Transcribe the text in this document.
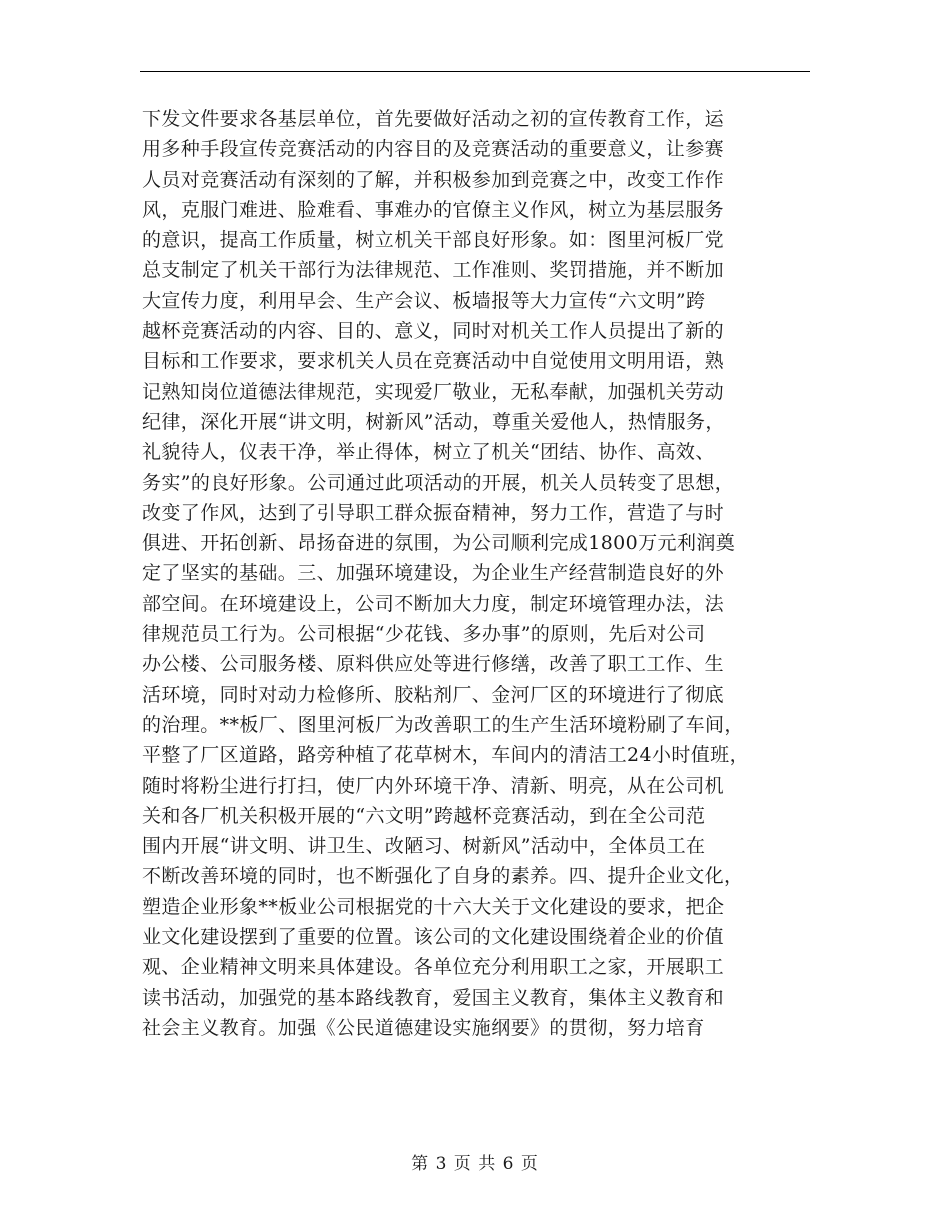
下发文件要求各基层单位，首先要做好活动之初的宣传教育工作，运
用多种手段宣传竞赛活动的内容目的及竞赛活动的重要意义，让参赛
人员对竞赛活动有深刻的了解，并积极参加到竞赛之中，改变工作作
风，克服门难进、脸难看、事难办的官僚主义作风，树立为基层服务
的意识，提高工作质量，树立机关干部良好形象。如：图里河板厂党
总支制定了机关干部行为法律规范、工作准则、奖罚措施，并不断加
大宣传力度，利用早会、生产会议、板墙报等大力宣传“六文明”跨
越杯竞赛活动的内容、目的、意义，同时对机关工作人员提出了新的
目标和工作要求，要求机关人员在竞赛活动中自觉使用文明用语，熟
记熟知岗位道德法律规范，实现爱厂敬业，无私奉献，加强机关劳动
纪律，深化开展“讲文明，树新风”活动，尊重关爱他人，热情服务，
礼貌待人，仪表干净，举止得体，树立了机关“团结、协作、高效、
务实”的良好形象。公司通过此项活动的开展，机关人员转变了思想，
改变了作风，达到了引导职工群众振奋精神，努力工作，营造了与时
俱进、开拓创新、昂扬奋进的氛围，为公司顺利完成1800万元利润奠
定了坚实的基础。三、加强环境建设，为企业生产经营制造良好的外
部空间。在环境建设上，公司不断加大力度，制定环境管理办法，法
律规范员工行为。公司根据“少花钱、多办事”的原则，先后对公司
办公楼、公司服务楼、原料供应处等进行修缮，改善了职工工作、生
活环境，同时对动力检修所、胶粘剂厂、金河厂区的环境进行了彻底
的治理。**板厂、图里河板厂为改善职工的生产生活环境粉刷了车间，
平整了厂区道路，路旁种植了花草树木，车间内的清洁工24小时值班，
随时将粉尘进行打扫，使厂内外环境干净、清新、明亮，从在公司机
关和各厂机关积极开展的“六文明”跨越杯竞赛活动，到在全公司范
围内开展“讲文明、讲卫生、改陋习、树新风”活动中，全体员工在
不断改善环境的同时，也不断强化了自身的素养。四、提升企业文化，
塑造企业形象**板业公司根据党的十六大关于文化建设的要求，把企
业文化建设摆到了重要的位置。该公司的文化建设围绕着企业的价值
观、企业精神文明来具体建设。各单位充分利用职工之家，开展职工
读书活动，加强党的基本路线教育，爱国主义教育，集体主义教育和
社会主义教育。加强《公民道德建设实施纲要》的贯彻，努力培育
第 3 页 共 6 页
